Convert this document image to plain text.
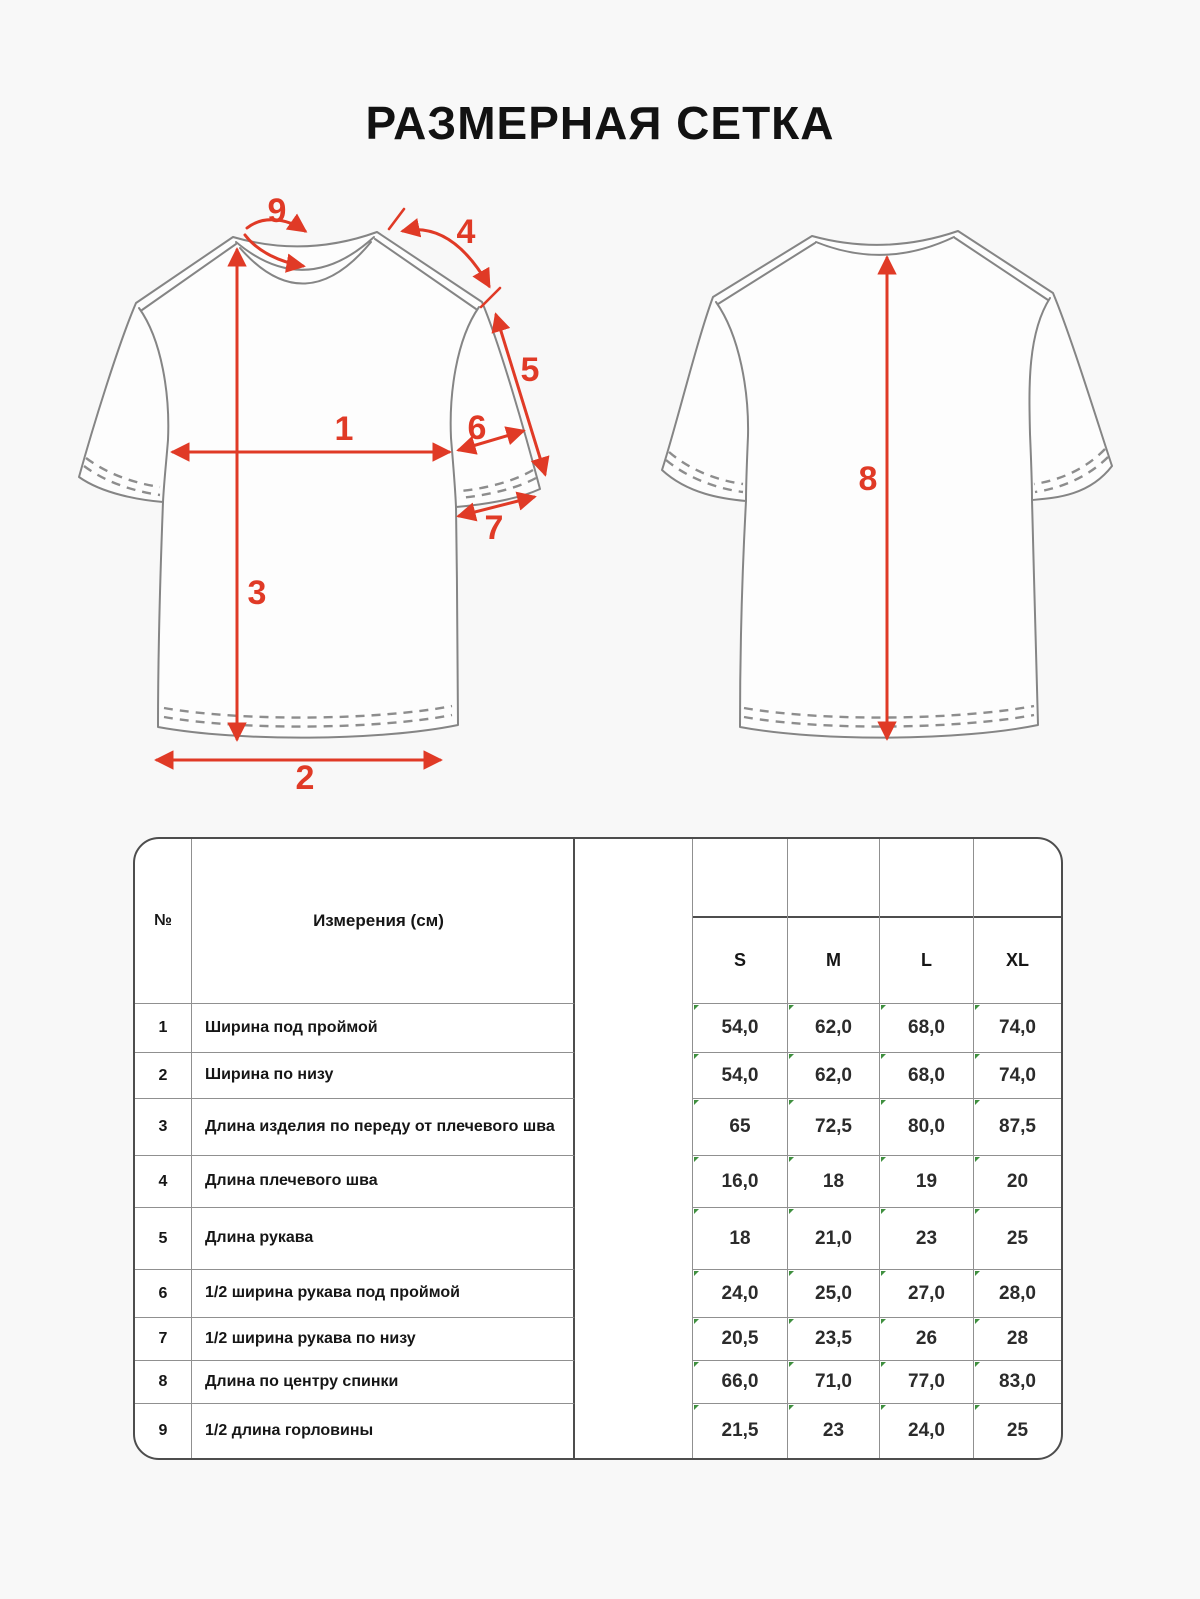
РАЗМЕРНАЯ СЕТКА
9
4
5
1	6
7
3
2
8
№	Измерения (см)
S	M	L	XL
1	Ширина под проймой	54,0	62,0	68,0	74,0
2	Ширина по низу	54,0	62,0	68,0	74,0
3	Длина изделия по переду от плечевого шва	65	72,5	80,0	87,5
4	Длина плечевого шва	16,0	18	19	20
5	Длина рукава	18	21,0	23	25
6	1/2 ширина рукава под проймой	24,0	25,0	27,0	28,0
7	1/2 ширина рукава по низу	20,5	23,5	26	28
8	Длина по центру спинки	66,0	71,0	77,0	83,0
9	1/2 длина горловины	21,5	23	24,0	25
